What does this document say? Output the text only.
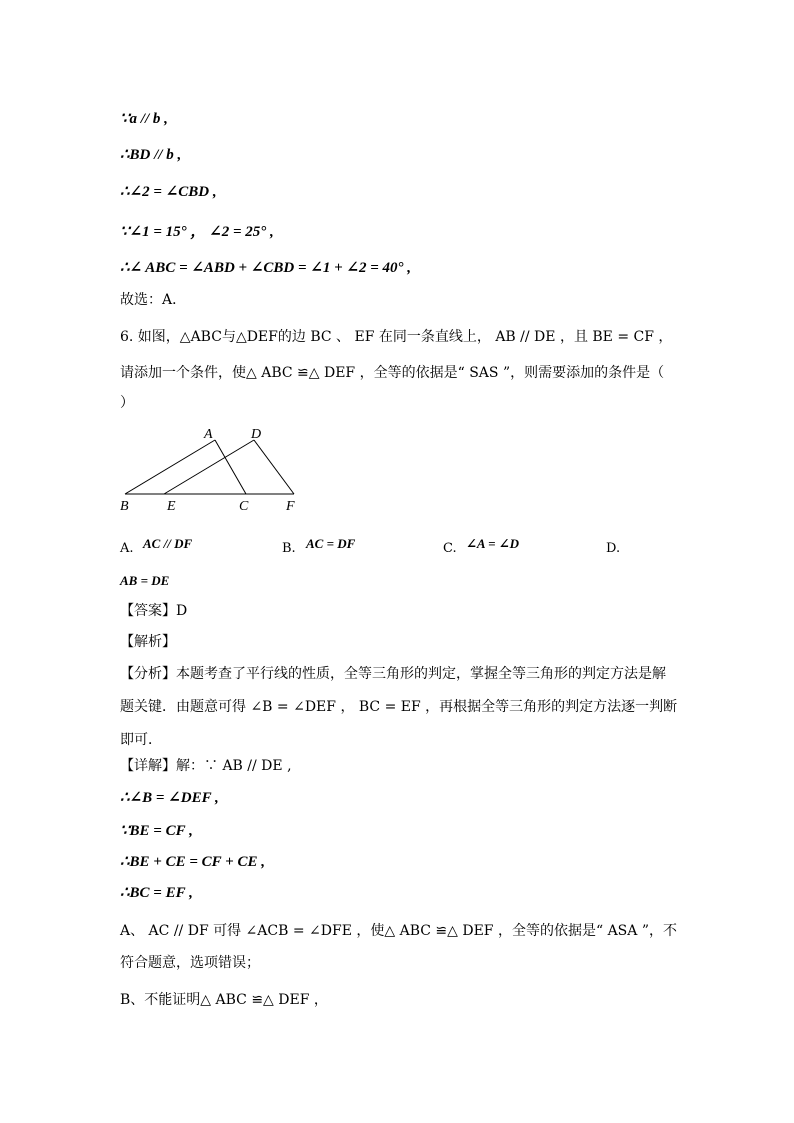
∵a // b ,
∴BD // b ,
∴∠2 = ∠CBD ,
∵∠1 = 15° ， ∠2 = 25° ,
∴∠ ABC = ∠ABD + ∠CBD = ∠1 + ∠2 = 40° ,
故选：A．
6. 如图，△ABC与△DEF的边 BC 、 EF 在同一条直线上， AB // DE ，且 BE = CF ，
请添加一个条件，使△ ABC ≌△ DEF ，全等的依据是“ SAS ”，则需要添加的条件是（
）
A	D
B	E	C	F
A. AC // DF	B. AC = DF	C. ∠A = ∠D	D.
AB = DE
【答案】D
【解析】
【分析】本题考查了平行线的性质，全等三角形的判定，掌握全等三角形的判定方法是解
题关键．由题意可得 ∠B = ∠DEF ， BC = EF ，再根据全等三角形的判定方法逐一判断
即可．
【详解】解：∵ AB // DE ,
∴∠B = ∠DEF ,
∵BE = CF ,
∴BE + CE = CF + CE ,
∴BC = EF ,
A、 AC // DF 可得 ∠ACB = ∠DFE ，使△ ABC ≌△ DEF ，全等的依据是“ ASA ”，不
符合题意，选项错误；
B、不能证明△ ABC ≌△ DEF ，
